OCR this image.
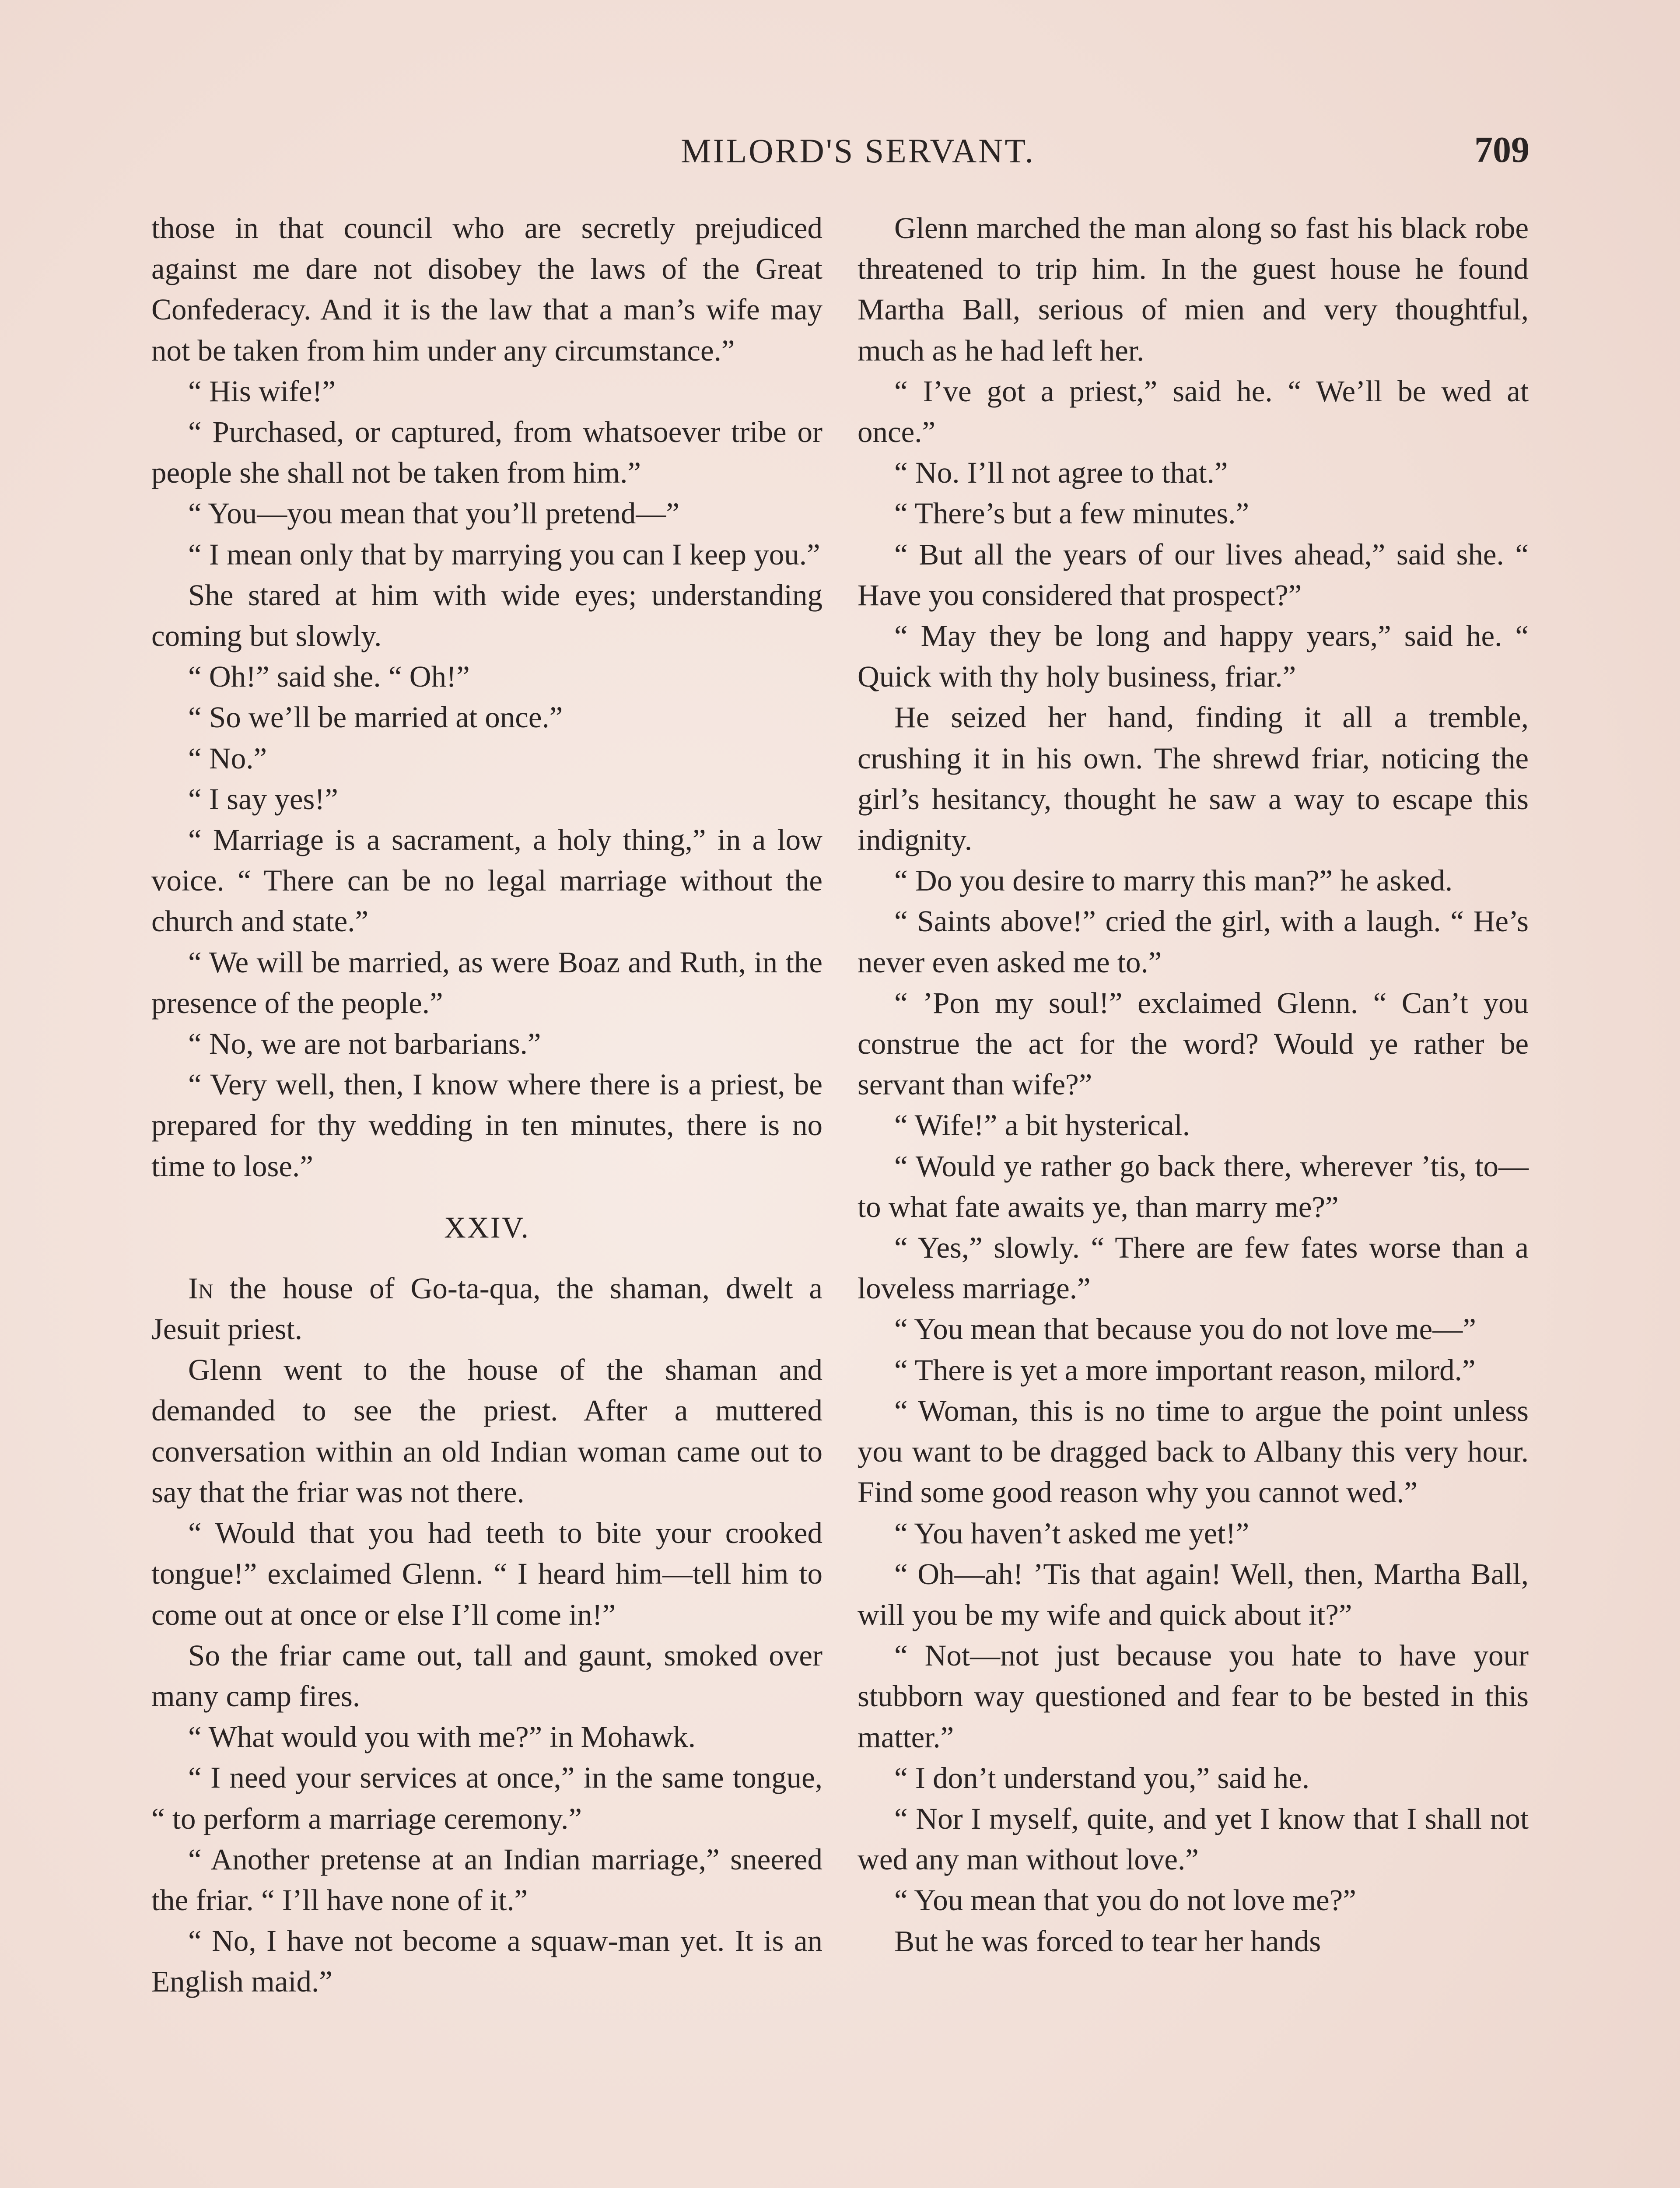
MILORD'S SERVANT.	709

those in that council who are secretly prejudiced against me dare not disobey the laws of the Great Confederacy. And it is the law that a man’s wife may not be taken from him under any circumstance.”

“ His wife!”

“ Purchased, or captured, from whatsoever tribe or people she shall not be taken from him.”

“ You—you mean that you’ll pretend—”

“ I mean only that by marrying you can I keep you.”

She stared at him with wide eyes; understanding coming but slowly.

“ Oh!” said she. “ Oh!”

“ So we’ll be married at once.”

“ No.”

“ I say yes!”

“ Marriage is a sacrament, a holy thing,” in a low voice. “ There can be no legal marriage without the church and state.”

“ We will be married, as were Boaz and Ruth, in the presence of the people.”

“ No, we are not barbarians.”

“ Very well, then, I know where there is a priest, be prepared for thy wedding in ten minutes, there is no time to lose.”

XXIV.

In the house of Go-ta-qua, the shaman, dwelt a Jesuit priest.

Glenn went to the house of the shaman and demanded to see the priest. After a muttered conversation within an old Indian woman came out to say that the friar was not there.

“ Would that you had teeth to bite your crooked tongue!” exclaimed Glenn. “ I heard him—tell him to come out at once or else I’ll come in!”

So the friar came out, tall and gaunt, smoked over many camp fires.

“ What would you with me?” in Mohawk.

“ I need your services at once,” in the same tongue, “ to perform a marriage ceremony.”

“ Another pretense at an Indian marriage,” sneered the friar. “ I’ll have none of it.”

“ No, I have not become a squaw-man yet. It is an English maid.”

Glenn marched the man along so fast his black robe threatened to trip him. In the guest house he found Martha Ball, serious of mien and very thoughtful, much as he had left her.

“ I’ve got a priest,” said he. “ We’ll be wed at once.”

“ No. I’ll not agree to that.”

“ There’s but a few minutes.”

“ But all the years of our lives ahead,” said she. “ Have you considered that prospect?”

“ May they be long and happy years,” said he. “ Quick with thy holy business, friar.”

He seized her hand, finding it all a tremble, crushing it in his own. The shrewd friar, noticing the girl’s hesitancy, thought he saw a way to escape this indignity.

“ Do you desire to marry this man?” he asked.

“ Saints above!” cried the girl, with a laugh. “ He’s never even asked me to.”

“ ’Pon my soul!” exclaimed Glenn. “ Can’t you construe the act for the word? Would ye rather be servant than wife?”

“ Wife!” a bit hysterical.

“ Would ye rather go back there, wherever ’tis, to—to what fate awaits ye, than marry me?”

“ Yes,” slowly. “ There are few fates worse than a loveless marriage.”

“ You mean that because you do not love me—”

“ There is yet a more important reason, milord.”

“ Woman, this is no time to argue the point unless you want to be dragged back to Albany this very hour. Find some good reason why you cannot wed.”

“ You haven’t asked me yet!”

“ Oh—ah! ’Tis that again! Well, then, Martha Ball, will you be my wife and quick about it?”

“ Not—not just because you hate to have your stubborn way questioned and fear to be bested in this matter.”

“ I don’t understand you,” said he.

“ Nor I myself, quite, and yet I know that I shall not wed any man without love.”

“ You mean that you do not love me?”

But he was forced to tear her hands
